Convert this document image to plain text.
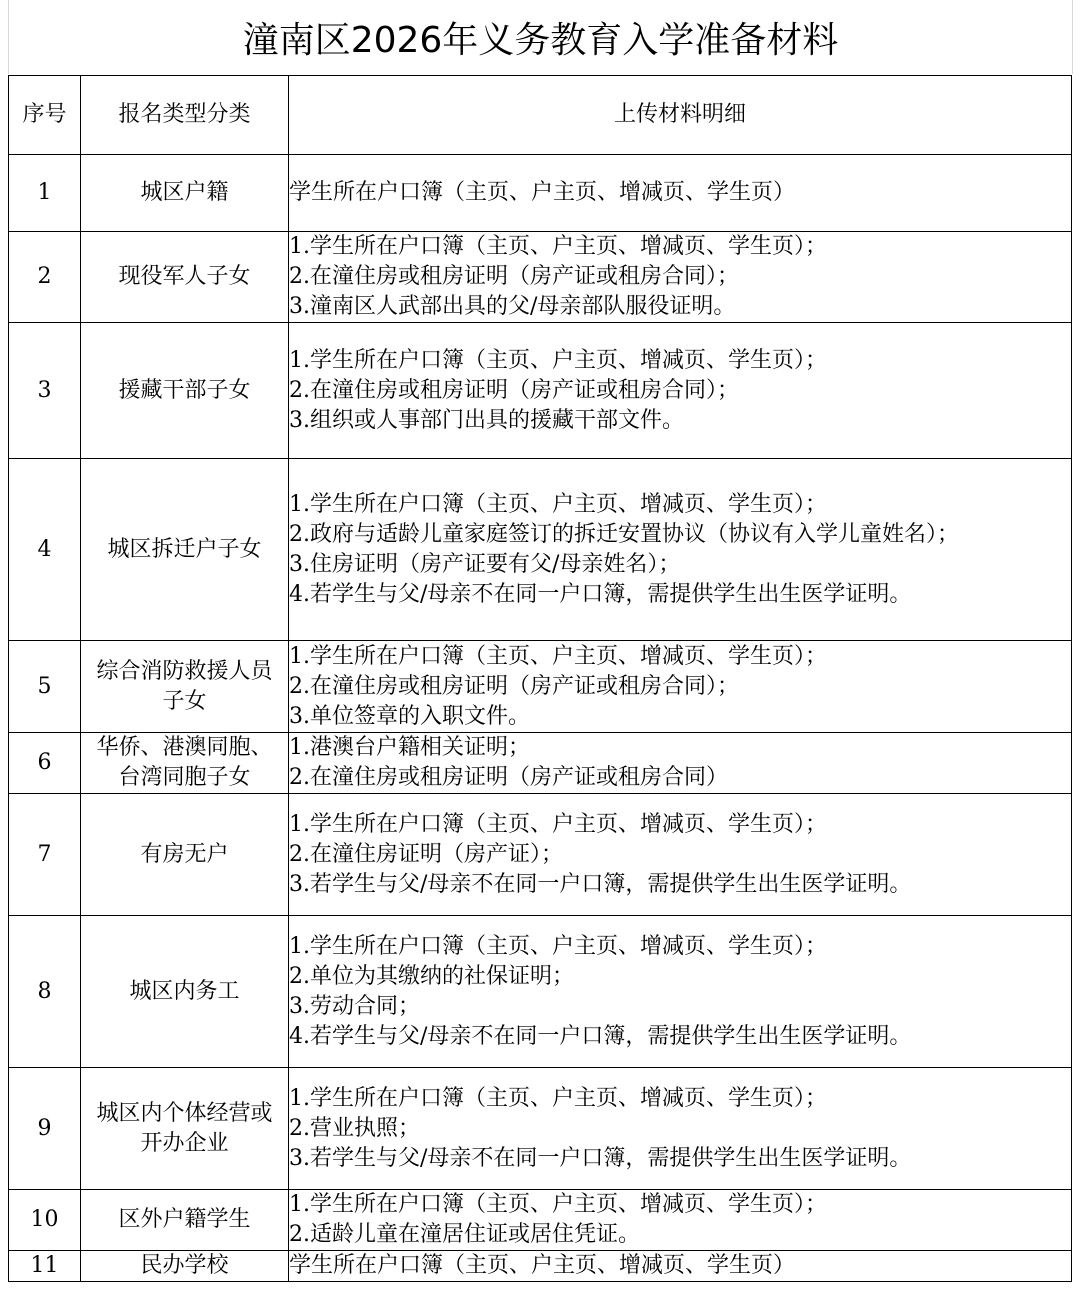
潼南区2026年义务教育入学准备材料
序号	报名类型分类	上传材料明细
1	城区户籍	学生所在户口簿（主页、户主页、增减页、学生页）

2	现役军人子女	1.学生所在户口簿（主页、户主页、增减页、学生页）；
2.在潼住房或租房证明（房产证或租房合同）；
3.潼南区人武部出具的父/母亲部队服役证明。

3	援藏干部子女	1.学生所在户口簿（主页、户主页、增减页、学生页）；
2.在潼住房或租房证明（房产证或租房合同）；
3.组织或人事部门出具的援藏干部文件。

4	城区拆迁户子女	1.学生所在户口簿（主页、户主页、增减页、学生页）；
2.政府与适龄儿童家庭签订的拆迁安置协议（协议有入学儿童姓名）；
3.住房证明（房产证要有父/母亲姓名）；
4.若学生与父/母亲不在同一户口簿，需提供学生出生医学证明。

5	综合消防救援人员
子女	1.学生所在户口簿（主页、户主页、增减页、学生页）；
2.在潼住房或租房证明（房产证或租房合同）；
3.单位签章的入职文件。

6	华侨、港澳同胞、
台湾同胞子女	1.港澳台户籍相关证明；
2.在潼住房或租房证明（房产证或租房合同）

7	有房无户	1.学生所在户口簿（主页、户主页、增减页、学生页）；
2.在潼住房证明（房产证）；
3.若学生与父/母亲不在同一户口簿，需提供学生出生医学证明。

8	城区内务工	1.学生所在户口簿（主页、户主页、增减页、学生页）；
2.单位为其缴纳的社保证明；
3.劳动合同；
4.若学生与父/母亲不在同一户口簿，需提供学生出生医学证明。

9	城区内个体经营或
开办企业	1.学生所在户口簿（主页、户主页、增减页、学生页）；
2.营业执照；
3.若学生与父/母亲不在同一户口簿，需提供学生出生医学证明。

10	区外户籍学生	1.学生所在户口簿（主页、户主页、增减页、学生页）；
2.适龄儿童在潼居住证或居住凭证。

11	民办学校	学生所在户口簿（主页、户主页、增减页、学生页）
